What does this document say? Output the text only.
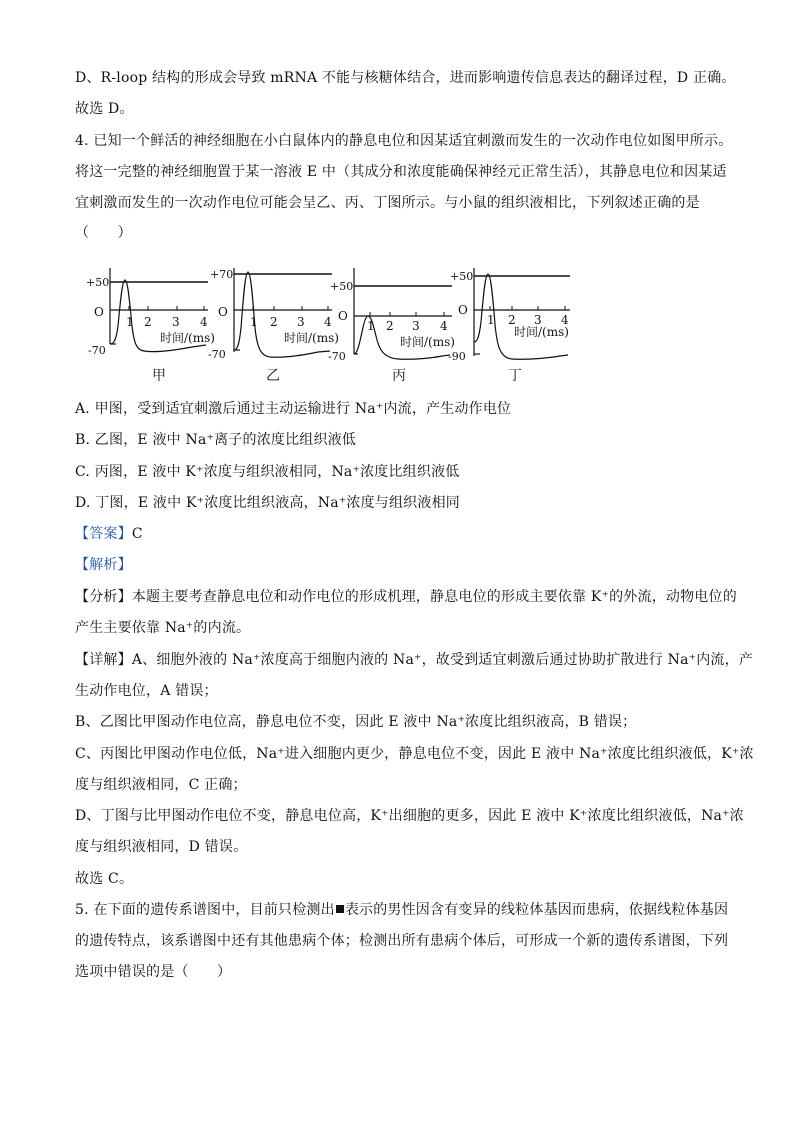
D、R-loop 结构的形成会导致 mRNA 不能与核糖体结合，进而影响遗传信息表达的翻译过程，D 正确。
故选 D。
4. 已知一个鲜活的神经细胞在小白鼠体内的静息电位和因某适宜刺激而发生的一次动作电位如图甲所示。
将这一完整的神经细胞置于某一溶液 E 中（其成分和浓度能确保神经元正常生活），其静息电位和因某适
宜刺激而发生的一次动作电位可能会呈乙、丙、丁图所示。与小鼠的组织液相比，下列叙述正确的是
（　　）
+50
O
-70
1 2 3 4
时间/(ms)
甲
+70
O
-70
1 2 3 4
时间/(ms)
乙
+50
O
-70
1 2 3 4
时间/(ms)
丙
+50
O
-90
1 2 3 4
时间/(ms)
丁
A. 甲图，受到适宜刺激后通过主动运输进行 Na⁺内流，产生动作电位
B. 乙图，E 液中 Na⁺离子的浓度比组织液低
C. 丙图，E 液中 K⁺浓度与组织液相同，Na⁺浓度比组织液低
D. 丁图，E 液中 K⁺浓度比组织液高，Na⁺浓度与组织液相同
【答案】C
【解析】
【分析】本题主要考查静息电位和动作电位的形成机理，静息电位的形成主要依靠 K⁺的外流，动物电位的
产生主要依靠 Na⁺的内流。
【详解】A、细胞外液的 Na⁺浓度高于细胞内液的 Na⁺，故受到适宜刺激后通过协助扩散进行 Na⁺内流，产
生动作电位，A 错误；
B、乙图比甲图动作电位高，静息电位不变，因此 E 液中 Na⁺浓度比组织液高，B 错误；
C、丙图比甲图动作电位低，Na⁺进入细胞内更少，静息电位不变，因此 E 液中 Na⁺浓度比组织液低，K⁺浓
度与组织液相同，C 正确；
D、丁图与比甲图动作电位不变，静息电位高，K⁺出细胞的更多，因此 E 液中 K⁺浓度比组织液低，Na⁺浓
度与组织液相同，D 错误。
故选 C。
5. 在下面的遗传系谱图中，目前只检测出 表示的男性因含有变异的线粒体基因而患病，依据线粒体基因
的遗传特点，该系谱图中还有其他患病个体；检测出所有患病个体后，可形成一个新的遗传系谱图，下列
选项中错误的是（　　）
